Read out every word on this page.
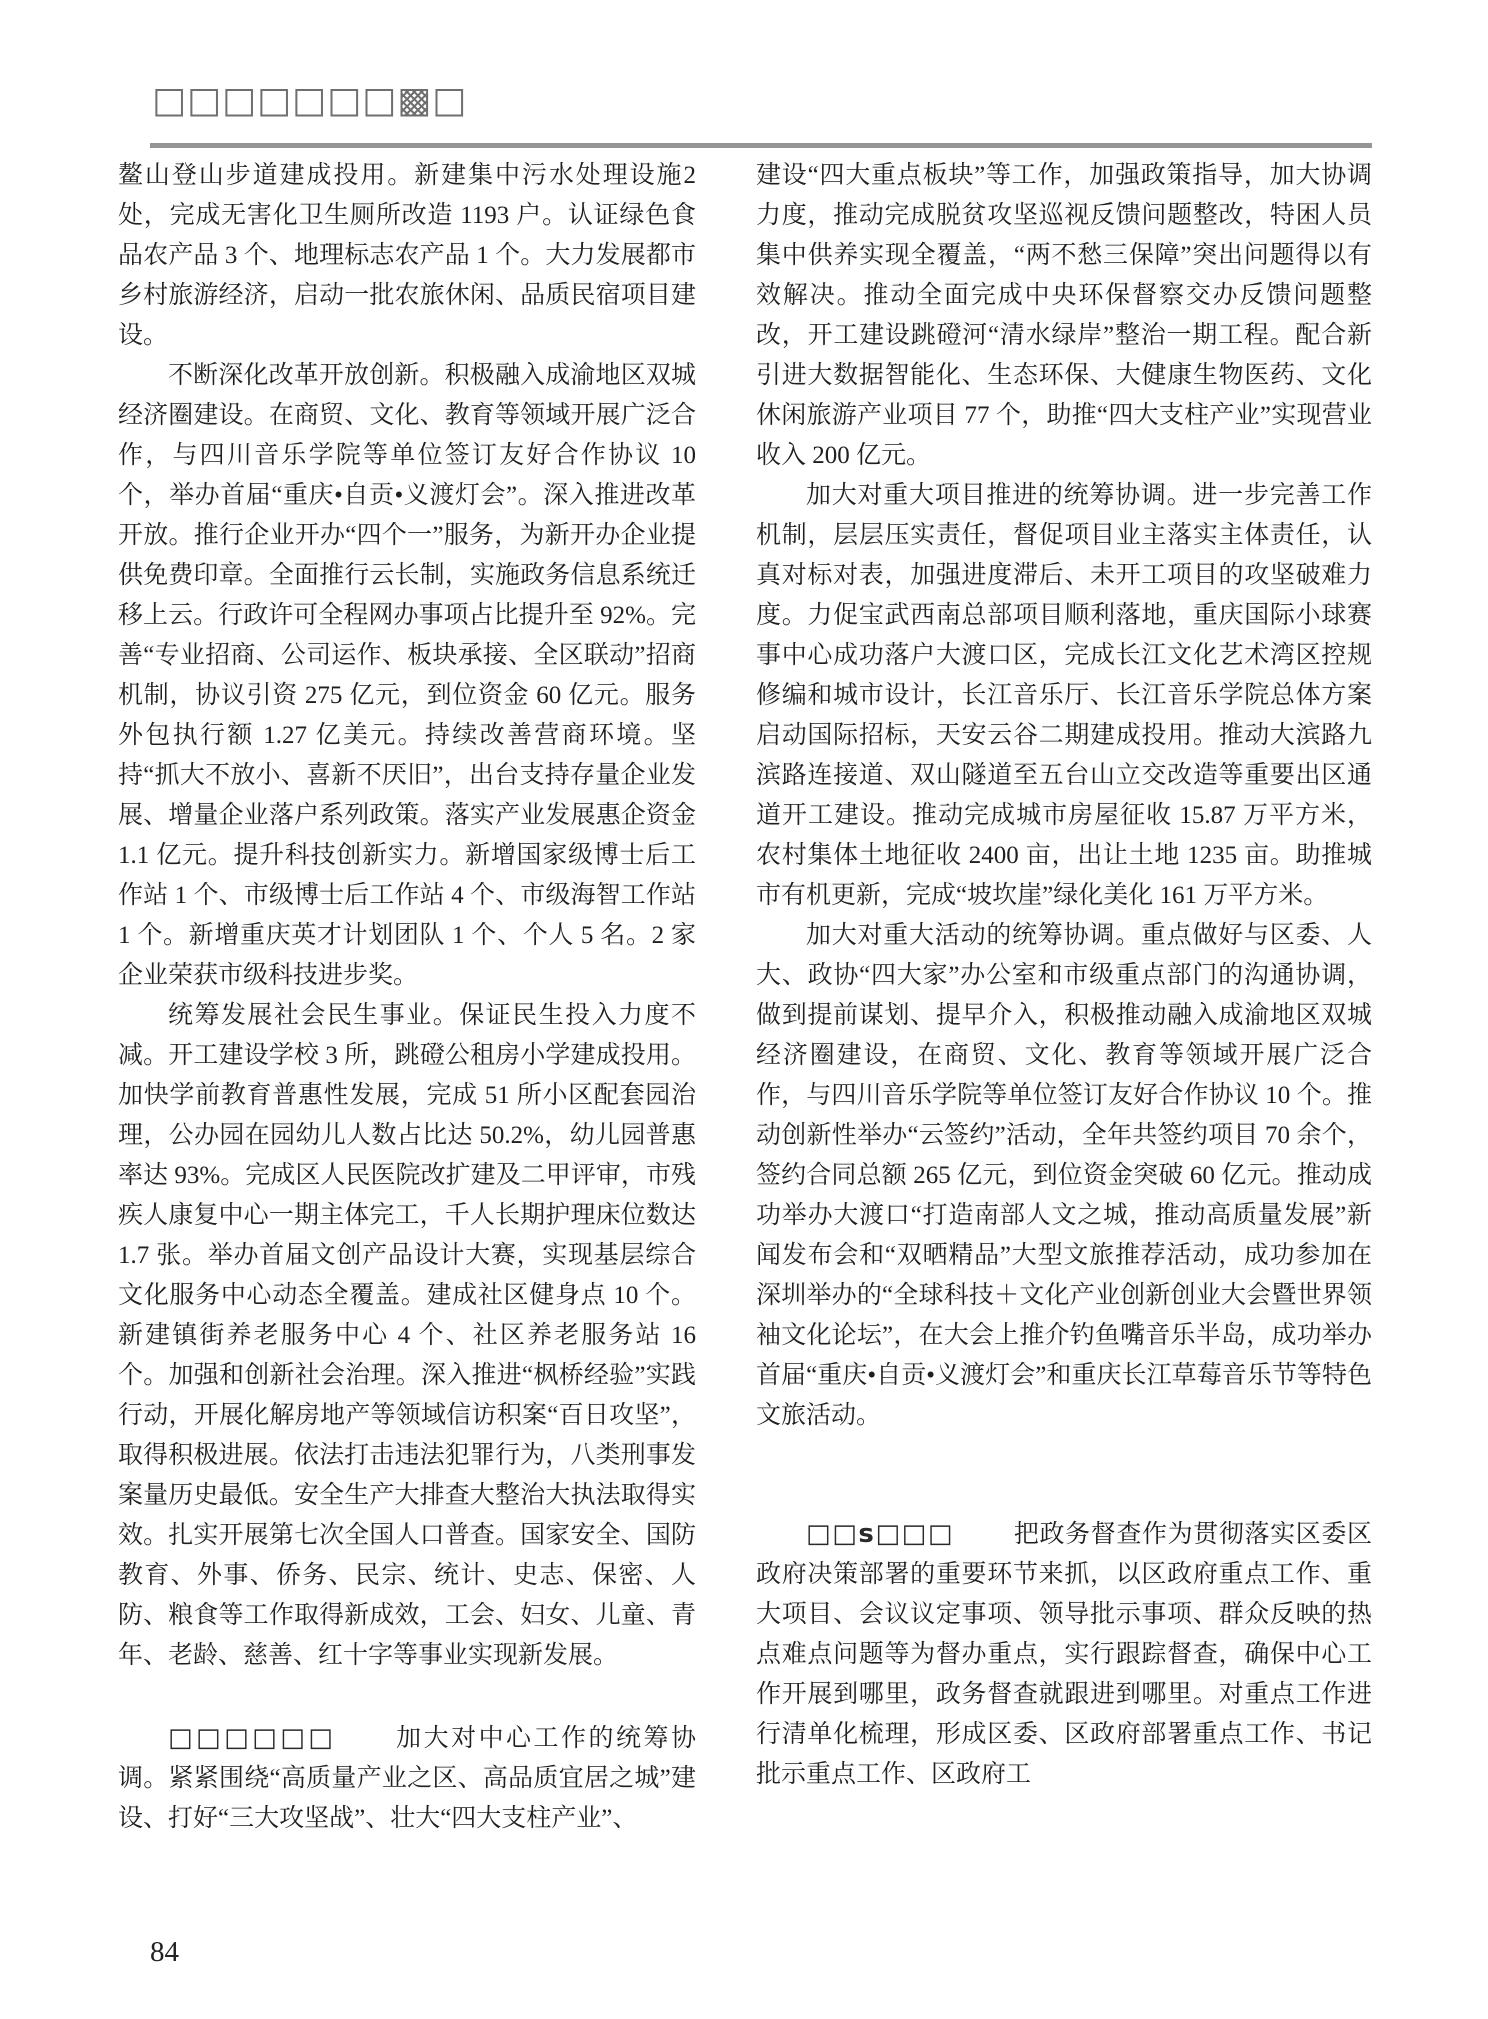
□□□□□□□▩□

鳌山登山步道建成投用。新建集中污水处理设施2处，完成无害化卫生厕所改造 1193 户。认证绿色食品农产品 3 个、地理标志农产品 1 个。大力发展都市乡村旅游经济，启动一批农旅休闲、品质民宿项目建设。

不断深化改革开放创新。积极融入成渝地区双城经济圈建设。在商贸、文化、教育等领域开展广泛合作，与四川音乐学院等单位签订友好合作协议 10 个，举办首届“重庆•自贡•义渡灯会”。深入推进改革开放。推行企业开办“四个一”服务，为新开办企业提供免费印章。全面推行云长制，实施政务信息系统迁移上云。行政许可全程网办事项占比提升至 92%。完善“专业招商、公司运作、板块承接、全区联动”招商机制，协议引资 275 亿元，到位资金 60 亿元。服务外包执行额 1.27 亿美元。持续改善营商环境。坚持“抓大不放小、喜新不厌旧”，出台支持存量企业发展、增量企业落户系列政策。落实产业发展惠企资金 1.1 亿元。提升科技创新实力。新增国家级博士后工作站 1 个、市级博士后工作站 4 个、市级海智工作站 1 个。新增重庆英才计划团队 1 个、个人 5 名。2 家企业荣获市级科技进步奖。

统筹发展社会民生事业。保证民生投入力度不减。开工建设学校 3 所，跳磴公租房小学建成投用。加快学前教育普惠性发展，完成 51 所小区配套园治理，公办园在园幼儿人数占比达 50.2%，幼儿园普惠率达 93%。完成区人民医院改扩建及二甲评审，市残疾人康复中心一期主体完工，千人长期护理床位数达 1.7 张。举办首届文创产品设计大赛，实现基层综合文化服务中心动态全覆盖。建成社区健身点 10 个。新建镇街养老服务中心 4 个、社区养老服务站 16 个。加强和创新社会治理。深入推进“枫桥经验”实践行动，开展化解房地产等领域信访积案“百日攻坚”，取得积极进展。依法打击违法犯罪行为，八类刑事发案量历史最低。安全生产大排查大整治大执法取得实效。扎实开展第七次全国人口普查。国家安全、国防教育、外事、侨务、民宗、统计、史志、保密、人防、粮食等工作取得新成效，工会、妇女、儿童、青年、老龄、慈善、红十字等事业实现新发展。

□□□□□□ 加大对中心工作的统筹协调。紧紧围绕“高质量产业之区、高品质宜居之城”建设、打好“三大攻坚战”、壮大“四大支柱产业”、

建设“四大重点板块”等工作，加强政策指导，加大协调力度，推动完成脱贫攻坚巡视反馈问题整改，特困人员集中供养实现全覆盖，“两不愁三保障”突出问题得以有效解决。推动全面完成中央环保督察交办反馈问题整改，开工建设跳磴河“清水绿岸”整治一期工程。配合新引进大数据智能化、生态环保、大健康生物医药、文化休闲旅游产业项目 77 个，助推“四大支柱产业”实现营业收入 200 亿元。

加大对重大项目推进的统筹协调。进一步完善工作机制，层层压实责任，督促项目业主落实主体责任，认真对标对表，加强进度滞后、未开工项目的攻坚破难力度。力促宝武西南总部项目顺利落地，重庆国际小球赛事中心成功落户大渡口区，完成长江文化艺术湾区控规修编和城市设计，长江音乐厅、长江音乐学院总体方案启动国际招标，天安云谷二期建成投用。推动大滨路九滨路连接道、双山隧道至五台山立交改造等重要出区通道开工建设。推动完成城市房屋征收 15.87 万平方米，农村集体土地征收 2400 亩，出让土地 1235 亩。助推城市有机更新，完成“坡坎崖”绿化美化 161 万平方米。

加大对重大活动的统筹协调。重点做好与区委、人大、政协“四大家”办公室和市级重点部门的沟通协调，做到提前谋划、提早介入，积极推动融入成渝地区双城经济圈建设，在商贸、文化、教育等领域开展广泛合作，与四川音乐学院等单位签订友好合作协议 10 个。推动创新性举办“云签约”活动，全年共签约项目 70 余个，签约合同总额 265 亿元，到位资金突破 60 亿元。推动成功举办大渡口“打造南部人文之城，推动高质量发展”新闻发布会和“双晒精品”大型文旅推荐活动，成功参加在深圳举办的“全球科技＋文化产业创新创业大会暨世界领袖文化论坛”，在大会上推介钓鱼嘴音乐半岛，成功举办首届“重庆•自贡•义渡灯会”和重庆长江草莓音乐节等特色文旅活动。

□□s□□□ 把政务督查作为贯彻落实区委区政府决策部署的重要环节来抓，以区政府重点工作、重大项目、会议议定事项、领导批示事项、群众反映的热点难点问题等为督办重点，实行跟踪督查，确保中心工作开展到哪里，政务督查就跟进到哪里。对重点工作进行清单化梳理，形成区委、区政府部署重点工作、书记批示重点工作、区政府工

84
